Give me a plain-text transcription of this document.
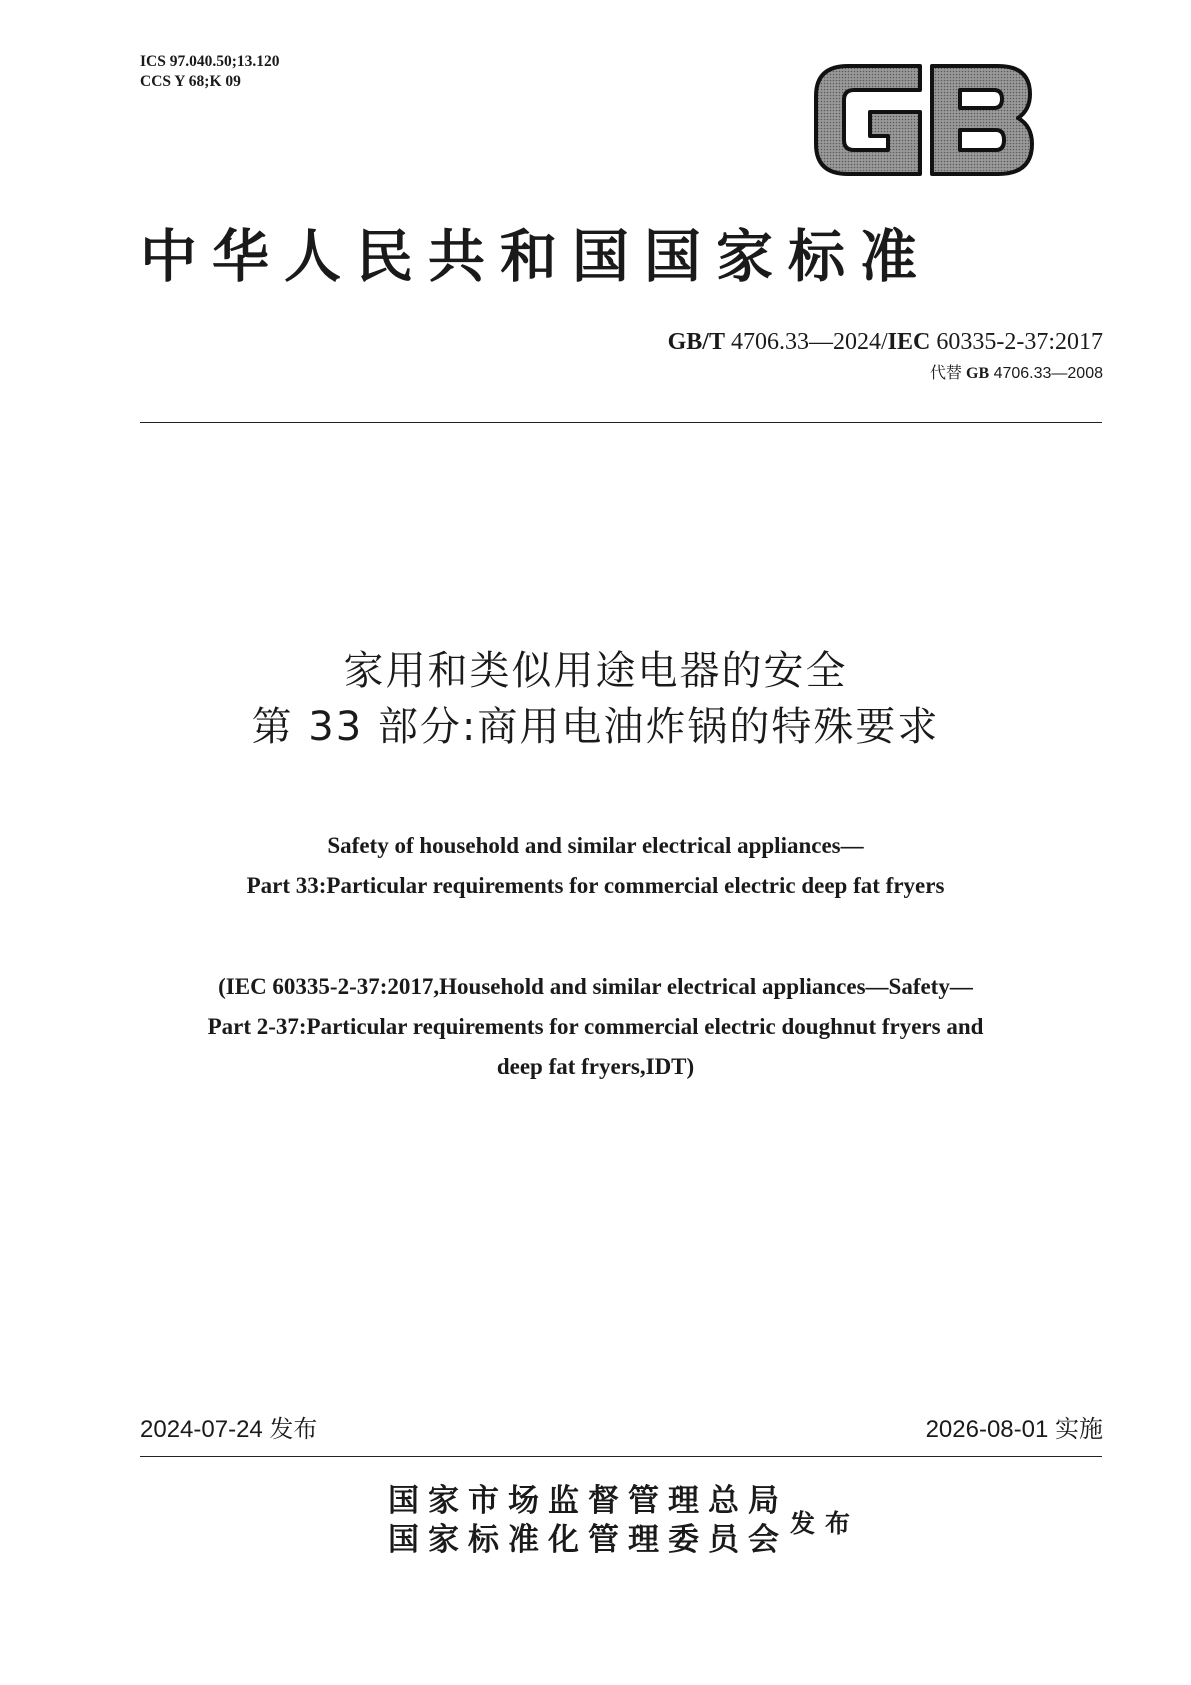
ICS 97.040.50;13.120
CCS Y 68;K 09
中华人民共和国国家标准
GB/T 4706.33—2024/IEC 60335-2-37:2017
代替 GB 4706.33—2008
家用和类似用途电器的安全
第 33 部分:商用电油炸锅的特殊要求
Safety of household and similar electrical appliances—
Part 33:Particular requirements for commercial electric deep fat fryers
(IEC 60335-2-37:2017,Household and similar electrical appliances—Safety—
Part 2-37:Particular requirements for commercial electric doughnut fryers and
deep fat fryers,IDT)
2024-07-24 发布	2026-08-01 实施
国家市场监督管理总局
国家标准化管理委员会 发布
